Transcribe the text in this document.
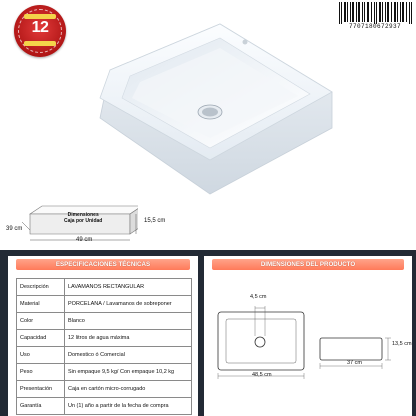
12	7707180672937
Dimensiones
Caja por Unidad	15,5 cm
39 cm
49 cm
ESPECIFICACIONES TÉCNICAS
Descripción	LAVAMANOS RECTANGULAR
Material	PORCELANA / Lavamanos de sobreponer
Color	Blanco
Capacidad	12 litros de agua máxima
Uso	Domestico ó Comercial
Peso	Sin empaque 9,5 kg/ Con empaque 10,2 kg
Presentación	Caja en cartón micro-corrugado
Garantía	Un (1) año a partir de la fecha de compra
DIMENSIONES DEL PRODUCTO
4,5 cm
48,5 cm
13,5 cm
37 cm
